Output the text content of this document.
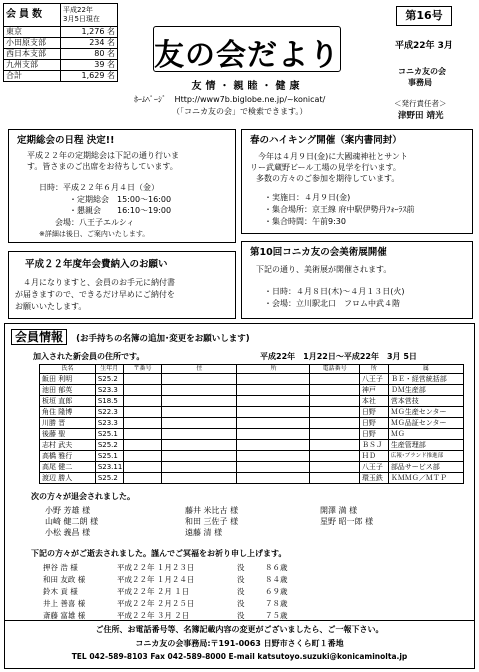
会員数	平成22年
3月5日現在

東京	1,276 名
小田原支部	234 名
西日本支部	80 名
九州支部	39 名
合計	1,629 名
友の会だより
友情・親睦・健康
ﾎｰﾑﾍﾟｰｼﾞ Http://www7b.biglobe.ne.jp/~konicat/
（「コニカ友の会」で検索できます。）
第16号
平成22年 3月
コニカ友の会
事務局
＜発行責任者＞
津野田 靖光
定期総会の日程 決定!!
平成２２年の定期総会は下記の通り行いま
す。皆さまのご出席をお待ちしています。
日時：平成２２年６月４日（金）
・定期総会　15:00～16:00
・懇親会　　16:10～19:00
会場：八王子エルシィ
※詳細は後日、ご案内いたします。
平成２２年度年会費納入のお願い
４月になりますと、会員のお手元に納付書
が届きますので、できるだけ早めにご納付を
お願いいたします。
春のハイキング開催（案内書同封）
今年は４月９日(金)に大國魂神社とサント
リー武蔵野ビール工場の見学を行います。
多数の方々のご参加を期待しています。
・実施日：４月９日(金)
・集合場所：京王線 府中駅伊勢丹ﾌｫｰﾗｽ前
・集合時間：午前9:30
第10回コニカ友の会美術展開催
下記の通り、美術展が開催されます。
・日時：４月８日(木)～４月１３日(火)
・会場：立川駅北口　フロム中武４階
会員情報 (お手持ちの名簿の追加･変更をお願いします)
加入された新会員の住所です。	平成22年　1月22日～平成22年　3月 5日
氏名	生年月	〒番号	住	所	電話番号	所	属
飯田 利明	S25.2					八王子	ＢＥ・経営統括部
池田 郁英	S23.3					神戸	ＤＭ生産部
板垣 直郎	S18.5					本社	営本営技
角住 隆博	S22.3					日野	ＭＧ生産センター
川勝 晋	S23.3					日野	ＭＧ品証センター
後藤 聖	S25.1					日野	ＭＧ
志村 武夫	S25.2					ＢＳＪ	生産管理部
高橋 雅行	S25.1					ＨＤ	広報･ブランド推進部
高尾 健二	S23.11					八王子	部品サービス部
渡辺 勝人	S25.2					環玉鉄	ＫＭＭＧ／ＭＴＰ
次の方々が退会されました。
小野 芳雄 様	藤井 米比古 様	開澤 満 様
山崎 健二朗 様	和田 三佐子 様	星野 昭一郎 様
小松 義昌 様	遠藤 清 様
下記の方々がご逝去されました。謹んでご冥福をお祈り申し上げます。
押谷 浩 様	平成２２年 １月２３日	没	８６歳
和田 友政 様	平成２２年 １月２４日	没	８４歳
鈴木 貢 様	平成２２年 ２月 １日	没	６９歳
井上 善喜 様	平成２２年 ２月２５日	没	７８歳
斎藤 富雄 様	平成２２年 ３月 ２日	没	７５歳
ご住所、お電話番号等、名簿記載内容の変更がございましたら、ご一報下さい。
コニカ友の会事務局:〒191-0063 日野市さくら町１番地
TEL 042-589-8103 Fax 042-589-8000 E-mail katsutoyo.suzuki@konicaminolta.jp
